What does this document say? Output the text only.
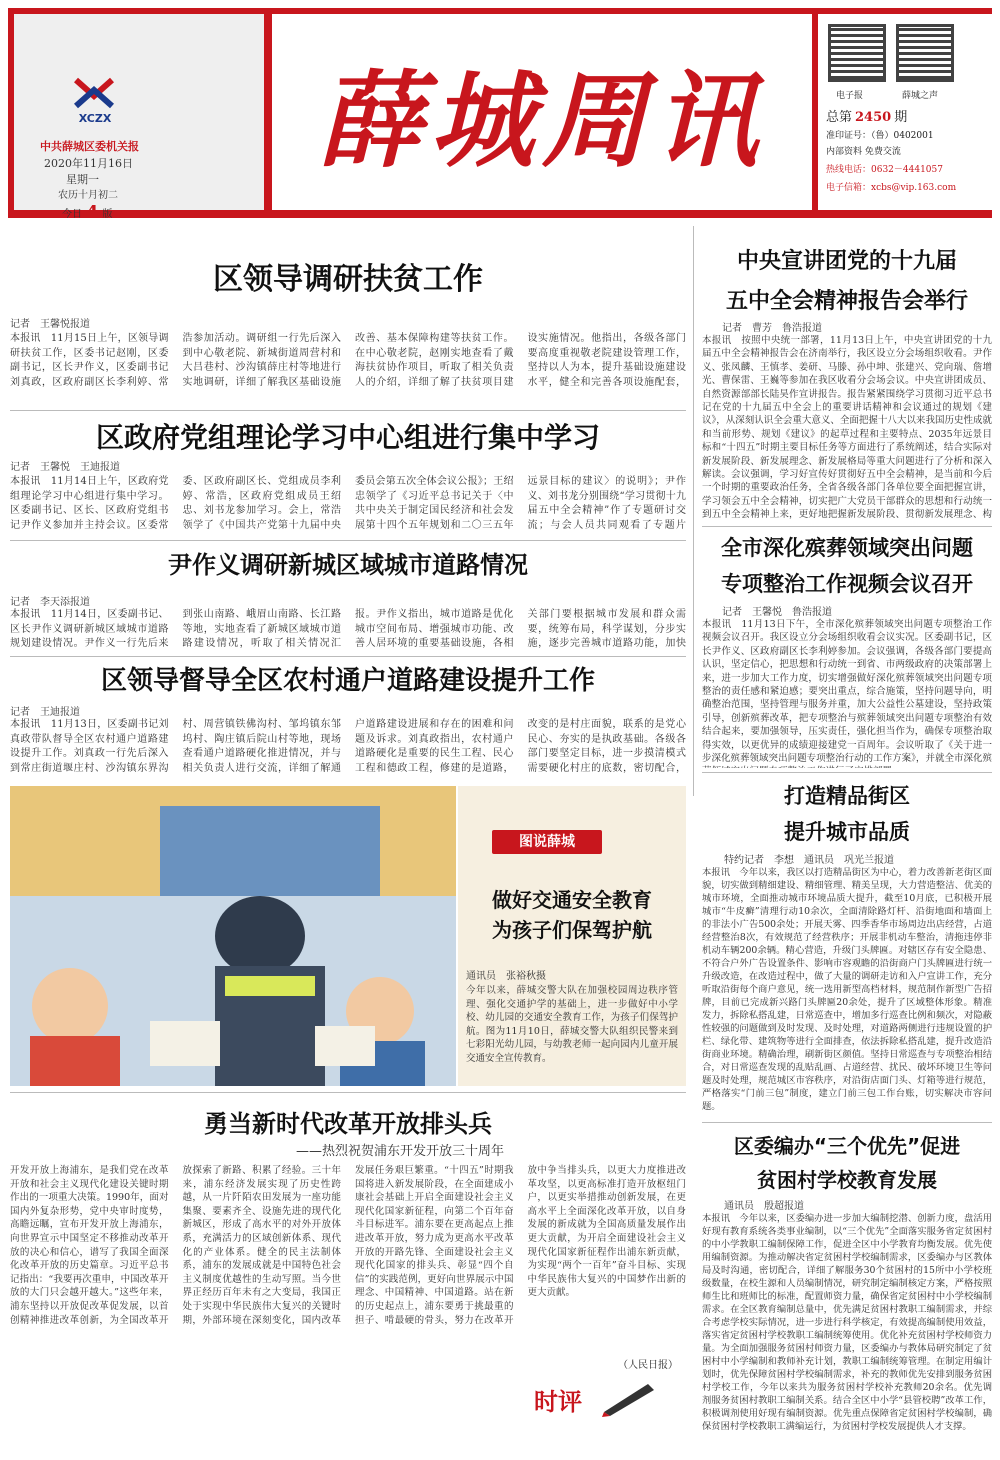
XCZX
中共薛城区委机关报
2020年11月16日
星期一
农历十月初二
今日 4 版
薛城周讯	电子报	薛城之声
总第 2450 期
准印证号：（鲁）0402001
内部资料 免费交流
热线电话：0632－4441057
电子信箱：xcbs@vip.163.com
区领导调研扶贫工作
记者　王馨悦报道
本报讯　11月15日上午，区领导调研扶贫工作，区委书记赵刚，区委副书记，区长尹作义，区委副书记刘真政，区政府副区长李利婷、常浩参加活动。调研组一行先后深入到中心敬老院、新城街道周营村和大吕巷村、沙沟镇薛庄村等地进行实地调研，详细了解我区基础设施改善、基本保障构建等扶贫工作。在中心敬老院，赵刚实地查看了戴海扶贫协作项目，听取了相关负责人的介绍，详细了解了扶贫项目建设实施情况。他指出，各级各部门要高度重视敬老院建设管理工作，坚持以人为本，提升基础设施建设水平，健全和完善各项设施配套，
区政府党组理论学习中心组进行集中学习
记者　王馨悦　王迪报道
本报讯　11月14日上午，区政府党组理论学习中心组进行集中学习。区委副书记、区长、区政府党组书记尹作义参加并主持会议。区委常委、区政府副区长、党组成员李利婷、常浩，区政府党组成员王绍忠、刘书龙参加学习。会上，常浩领学了《中国共产党第十九届中央委员会第五次全体会议公报》；王绍忠领学了《习近平总书记关于〈中共中央关于制定国民经济和社会发展第十四个五年规划和二〇三五年远景目标的建议〉的说明》；尹作义、刘书龙分别围绕“学习贯彻十九届五中全会精神”作了专题研讨交流；与会人员共同观看了专题片
尹作义调研新城区域城市道路情况
记者　李天添报道
本报讯　11月14日，区委副书记、区长尹作义调研新城区域城市道路规划建设情况。尹作义一行先后来到张山南路、峨眉山南路、长江路等地，实地查看了新城区域城市道路建设情况，听取了相关情况汇报。尹作义指出，城市道路是优化城市空间布局、增强城市功能、改善人居环境的重要基础设施，各相关部门要根据城市发展和群众需要，统筹布局，科学谋划，分步实施，逐步完善城市道路功能，加快
区领导督导全区农村通户道路建设提升工作
记者　王迪报道
本报讯　11月13日，区委副书记刘真政带队督导全区农村通户道路建设提升工作。刘真政一行先后深入到常庄街道堰庄村、沙沟镇东界沟村、周营镇铁佛沟村、邹坞镇东邹坞村、陶庄镇后院山村等地，现场查看通户道路硬化推进情况，并与相关负责人进行交流，详细了解通户道路建设进展和存在的困难和问题及诉求。刘真政指出，农村通户道路硬化是重要的民生工程、民心工程和德政工程，修建的是道路，改变的是村庄面貌，联系的是党心民心、夯实的是执政基础。各级各部门要坚定目标，进一步摸清模式需要硬化村庄的底数，密切配合，
图说薛城
做好交通安全教育
为孩子们保驾护航
通讯员　张裕秋摄
今年以来，薛城交警大队在加强校园周边秩序管理、强化交通护学的基础上，进一步做好中小学校、幼儿园的交通安全教育工作，为孩子们保驾护航。图为11月10日，薛城交警大队组织民警来到七彩阳光幼儿园，与幼教老师一起向园内儿童开展交通安全宣传教育。
勇当新时代改革开放排头兵
——热烈祝贺浦东开发开放三十周年
开发开放上海浦东，是我们党在改革开放和社会主义现代化建设关键时期作出的一项重大决策。1990年，面对国内外复杂形势，党中央审时度势，高瞻远瞩，宣布开发开放上海浦东，向世界宣示中国坚定不移推动改革开放的决心和信心，谱写了我国全面深化改革开放的历史篇章。习近平总书记指出：“我要再次重申，中国改革开放的大门只会越开越大。”这些年来，浦东坚持以开放促改革促发展，以首创精神推进改革创新，为全国改革开放探索了新路、积累了经验。三十年来，浦东经济发展实现了历史性跨越，从一片阡陌农田发展为一座功能集聚、要素齐全、设施先进的现代化新城区，形成了高水平的对外开放体系，充满活力的区域创新体系、现代化的产业体系。健全的民主法制体系，浦东的发展成就是中国特色社会主义制度优越性的生动写照。当今世界正经历百年未有之大变局，我国正处于实现中华民族伟大复兴的关键时期，外部环境在深刻变化，国内改革发展任务艰巨繁重。“十四五”时期我国将进入新发展阶段，在全面建成小康社会基础上开启全面建设社会主义现代化国家新征程，向第二个百年奋斗目标进军。浦东要在更高起点上推进改革开放，努力成为更高水平改革开放的开路先锋、全面建设社会主义现代化国家的排头兵、彰显“四个自信”的实践范例，更好向世界展示中国理念、中国精神、中国道路。站在新的历史起点上，浦东要勇于挑最重的担子、啃最硬的骨头，努力在改革开放中争当排头兵，以更大力度推进改革攻坚，以更高标准打造开放枢纽门户，以更实举措推动创新发展，在更高水平上全面深化改革开放，以自身发展的新成就为全国高质量发展作出更大贡献，为开启全面建设社会主义现代化国家新征程作出浦东新贡献，为实现“两个一百年”奋斗目标、实现中华民族伟大复兴的中国梦作出新的更大贡献。
（人民日报）
时评
中央宣讲团党的十九届
五中全会精神报告会举行
记者　曹芳　鲁浩报道
本报讯　按照中央统一部署，11月13日上午，中央宣讲团党的十九届五中全会精神报告会在济南举行，我区设立分会场组织收看。尹作义、张凤麟、王慎孝、姜研、马滕、孙中坤、张建兴、党向瑞、詹增光、曹保雷、王巍等参加在我区收看分会场会议。中央宣讲团成员、自然资源部部长陆昊作宣讲报告。报告紧紧围绕学习贯彻习近平总书记在党的十九届五中全会上的重要讲话精神和会议通过的规划《建议》，从深刻认识全会重大意义、全面把握十八大以来我国历史性成就和当前形势、规划《建议》的起草过程和主要特点、2035年远景目标和“十四五”时期主要目标任务等方面进行了系统阐述，结合实际对新发展阶段、新发展理念、新发展格局等重大问题进行了分析和深入解读。会议强调，学习好宣传好贯彻好五中全会精神，是当前和今后一个时期的重要政治任务，全省各级各部门各单位要全面把握宣讲，学习领会五中全会精神，切实把广大党员干部群众的思想和行动统一到五中全会精神上来，更好地把握新发展阶段、贯彻新发展理念、构
全市深化殡葬领域突出问题
专项整治工作视频会议召开
记者　王馨悦　鲁浩报道
本报讯　11月13日下午，全市深化殡葬领域突出问题专项整治工作视频会议召开。我区设立分会场组织收看会议实况。区委副书记，区长尹作义、区政府副区长李利婷参加。会议强调，各级各部门要提高认识，坚定信心，把思想和行动统一到省、市两级政府的决策部署上来，进一步加大工作力度，切实增强做好深化殡葬领域突出问题专项整治的责任感和紧迫感；要突出重点，综合施策，坚持问题导向，明确整治范围，坚持管理与服务并重，加大公益性公墓建设，坚持政策引导，创新殡葬改革，把专项整治与殡葬领域突出问题专项整治有效结合起来，要加强领导，压实责任，强化担当作为，确保专项整治取得实效，以更优异的成绩迎接建党一百周年。会议听取了《关于进一步深化殡葬领域突出问题专项整治行动的工作方案》，并就全市深化殡
打造精品街区
提升城市品质
特约记者　李想　通讯员　巩光兰报道
本报讯　今年以来，我区以打造精品街区为中心，着力改善新老街区面貌，切实做到精细建设、精细管理、精美呈现，大力营造整洁、优美的城市环境，全面推动城市环境品质大提升，截至10月底，已积极开展城市“牛皮癣”清理行动10余次，全面清除路灯杆、沿街地面和墙面上的非法小广告500余处；开展天雾、四季香华市场周边出店经营，占道经营整治8次，有效规范了经营秩序；开展非机动车整治，清拖违停非机动车辆200余辆。精心营造，升级门头牌匾。对辖区存有安全隐患、不符合户外广告设置条件、影响市容观瞻的沿街商户门头牌匾进行统一升级改造，在改造过程中，做了大量的调研走访和入户宣讲工作，充分听取沿街每个商户意见，统一选用新型高档材料，规范制作新型广告招牌，目前已完成新兴路门头牌匾20余处，提升了区域整体形象。精准发力，拆除私搭乱建，日常巡查中，增加多行巡查比例和频次，对隐蔽性较强的问题做到及时发现、及时处理，对道路两侧进行违规设置的护栏、绿化带、建筑物等进行全面排查，依法拆除私搭乱建，提升改造沿街商业环境。精确治理，刷新街区颜值。坚持日常巡查与专项整治相结合，对日常巡查发现的乱贴乱画、占道经营、扰民、破坏环境卫生等问题及时处理，规范城区市容秩序，对沿街店面门头、灯箱等进行规范，严格落实“门前三包”制度，建立门前三包工作台账，切实解决市容问题。
区委编办“三个优先”促进
贫困村学校教育发展
通讯员　殷超报道
本报讯　今年以来，区委编办进一步加大编制挖潜、创新力度，盘活用好现有教育系统各类事业编制，以“三个优先”全面落实服务省定贫困村的中小学教职工编制保障工作，促进全区中小学教育均衡发展。优先使用编制资源。为推动解决省定贫困村学校编制需求，区委编办与区教体局及时沟通，密切配合，详细了解服务30个贫困村的15所中小学校班级数量，在校生源和人员编制情况，研究制定编制核定方案，严格按照师生比和班师比的标准，配置师资力量，确保省定贫困村中小学校编制需求。在全区教育编制总量中，优先满足贫困村教职工编制需求，并综合考虑学校实际情况，进一步进行科学核定，有效提高编制使用效益，落实省定贫困村学校教职工编制统筹使用。优化补充贫困村学校师资力量。为全面加强服务贫困村师资力量，区委编办与教体局研究制定了贫困村中小学编制和教师补充计划，教职工编制统筹管理。在制定用编计划时，优先保障贫困村学校编制需求，补充的教师优先安排到服务贫困村学校工作，今年以来共为服务贫困村学校补充教师20余名。优先调剂服务贫困村教职工编制关系。结合全区中小学“县管校聘”改革工作，积极调剂使用好现有编制资源。优先重点保障省定贫困村学校编制，确保贫困村学校教职工满编运行，为贫困村学校发展提供人才支撑。
